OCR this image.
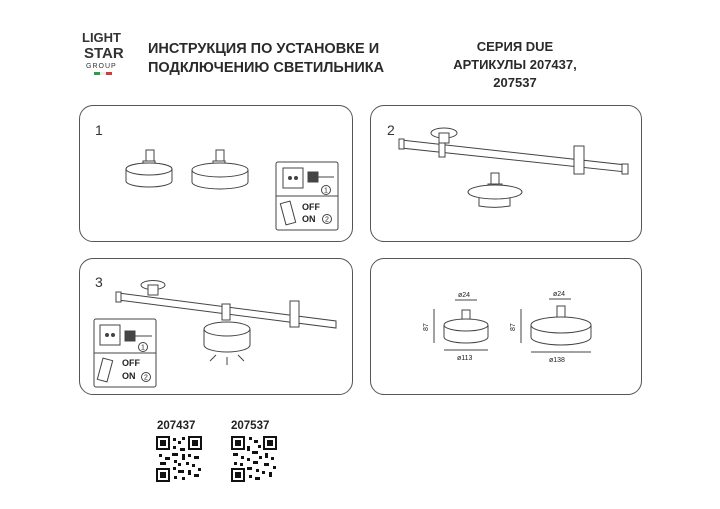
LIGHT
STAR
GROUP
ИНСТРУКЦИЯ ПО УСТАНОВКЕ И
ПОДКЛЮЧЕНИЮ СВЕТИЛЬНИКА
СЕРИЯ DUE
АРТИКУЛЫ 207437,
207537
1
1
OFF
ON 2
2
3
1
OFF
ON 2
ø24
87
ø113
ø24
87
ø138
207437	207537
